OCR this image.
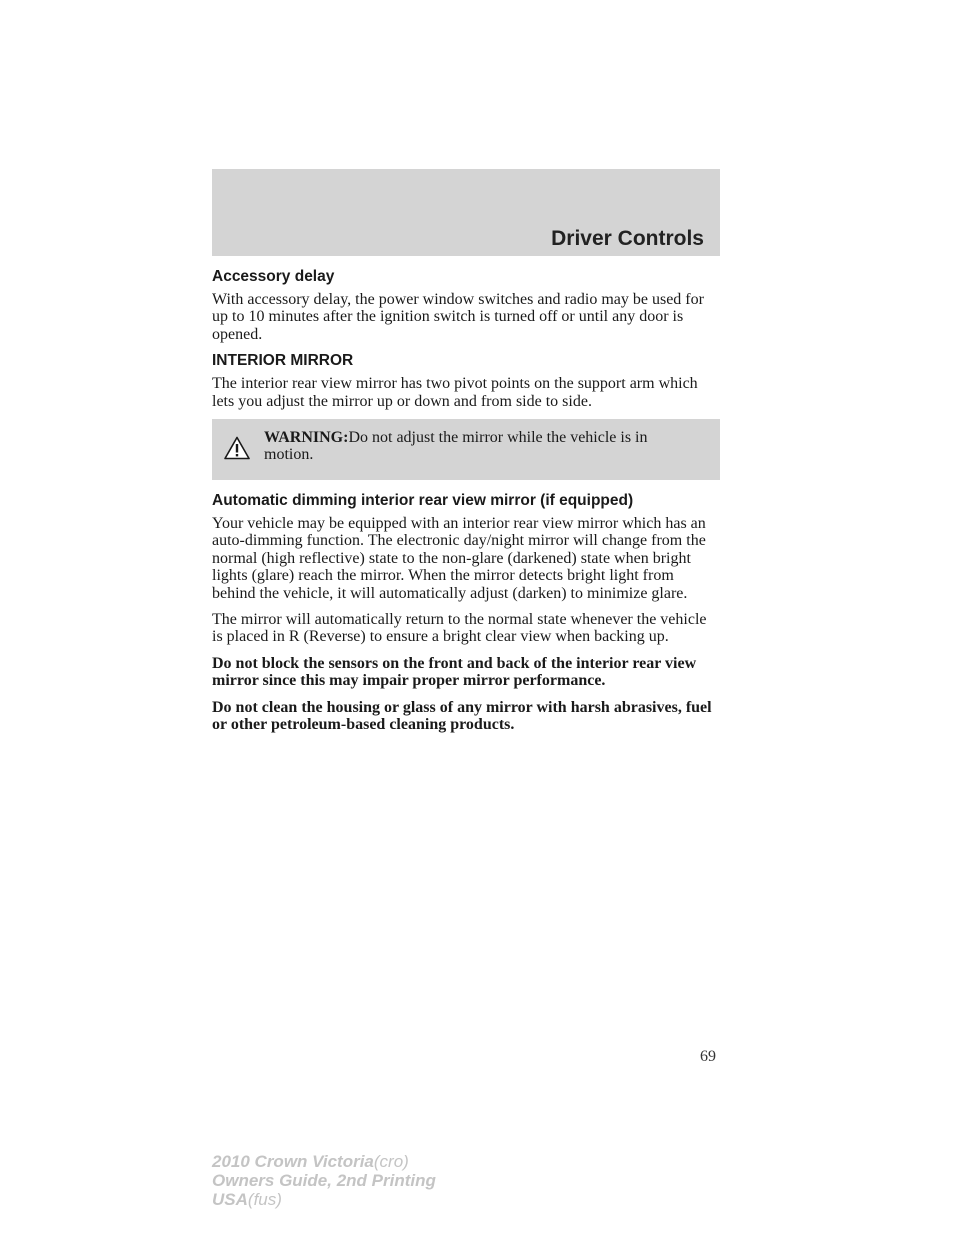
Driver Controls
Accessory delay

With accessory delay, the power window switches and radio may be used for up to 10 minutes after the ignition switch is turned off or until any door is opened.

INTERIOR MIRROR

The interior rear view mirror has two pivot points on the support arm which lets you adjust the mirror up or down and from side to side.

WARNING:Do not adjust the mirror while the vehicle is in motion.
Automatic dimming interior rear view mirror (if equipped)

Your vehicle may be equipped with an interior rear view mirror which has an auto-dimming function. The electronic day/night mirror will change from the normal (high reflective) state to the non-glare (darkened) state when bright lights (glare) reach the mirror. When the mirror detects bright light from behind the vehicle, it will automatically adjust (darken) to minimize glare.

The mirror will automatically return to the normal state whenever the vehicle is placed in R (Reverse) to ensure a bright clear view when backing up.

Do not block the sensors on the front and back of the interior rear view mirror since this may impair proper mirror performance.

Do not clean the housing or glass of any mirror with harsh abrasives, fuel or other petroleum-based cleaning products.

69
2010 Crown Victoria(cro)
Owners Guide, 2nd Printing
USA(fus)
